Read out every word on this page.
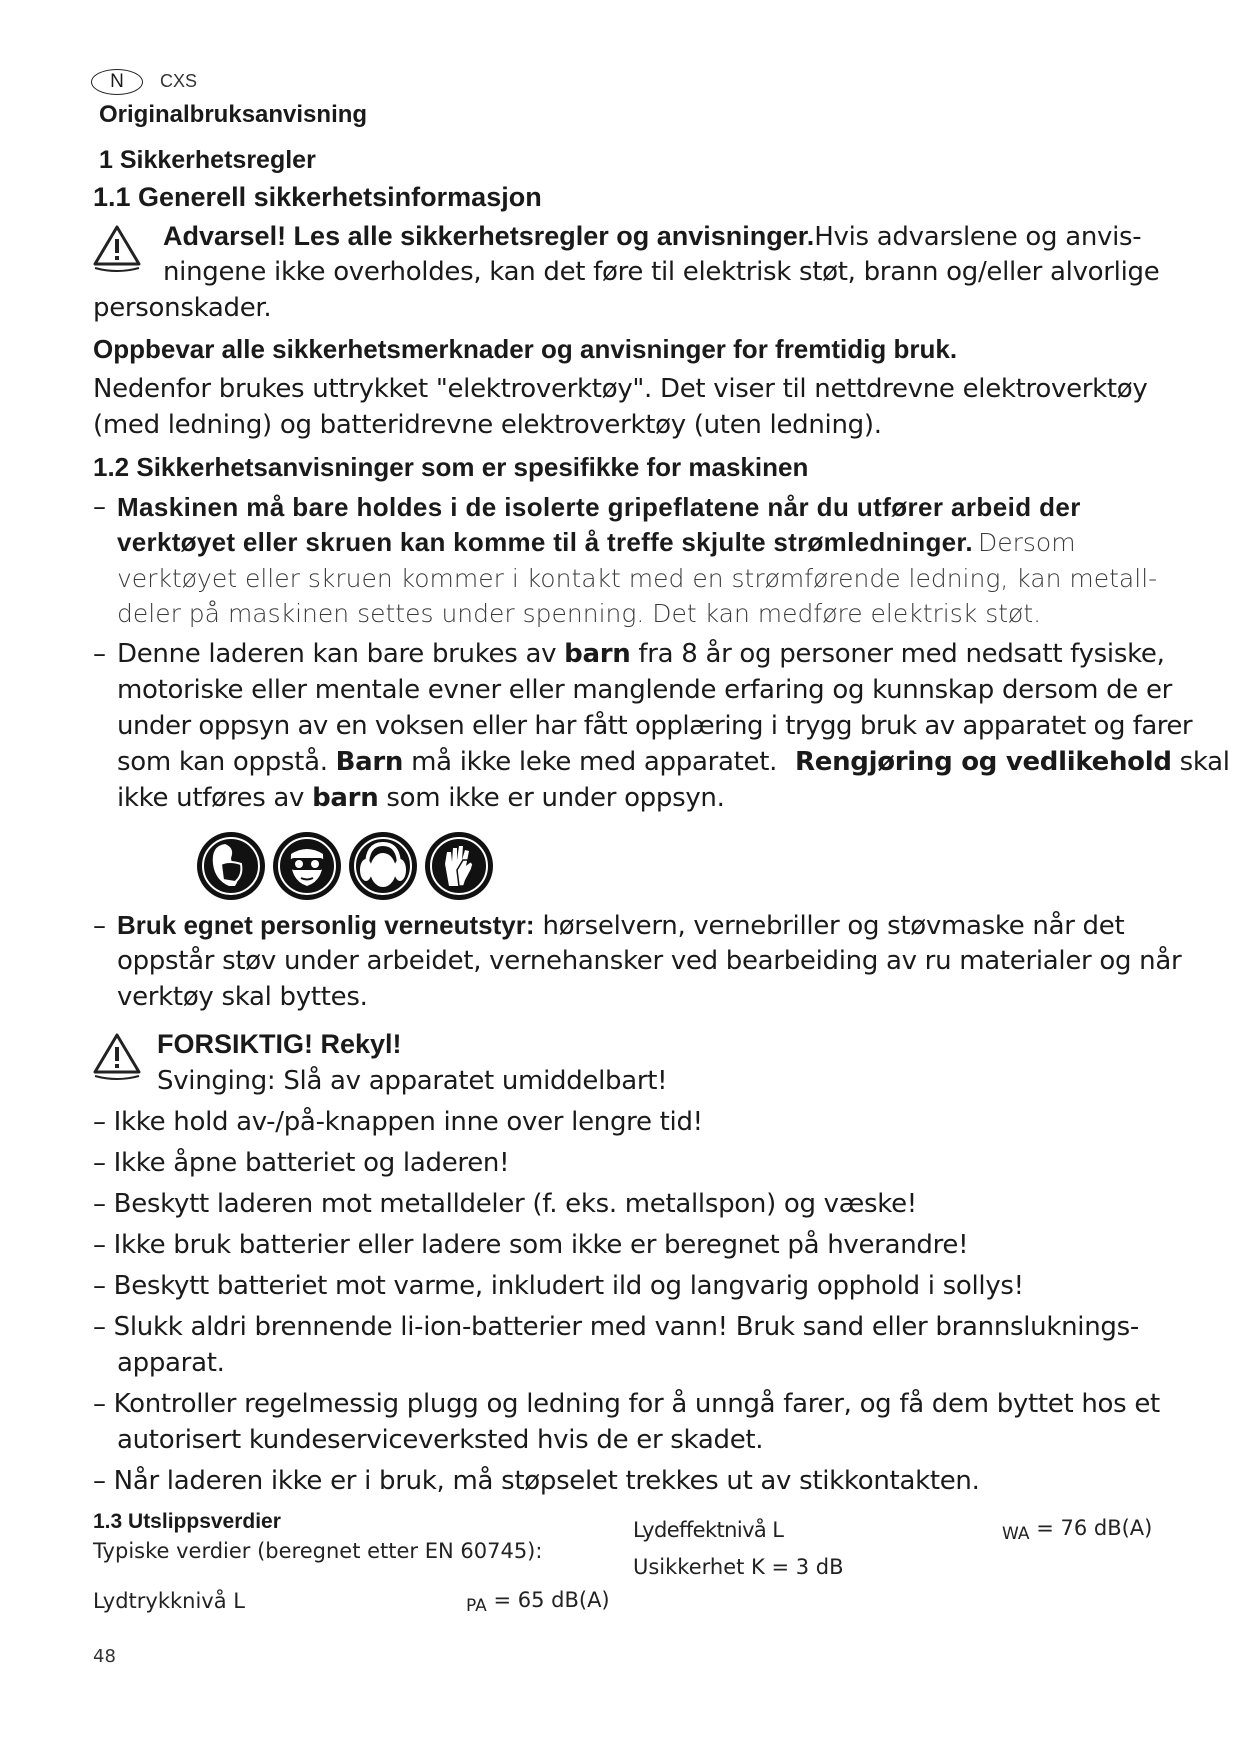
N	CXS
Originalbruksanvisning
1 Sikkerhetsregler
1.1 Generell sikkerhetsinformasjon
Advarsel! Les alle sikkerhetsregler og anvisninger.Hvis advarslene og anvis-
ningene ikke overholdes, kan det føre til elektrisk støt, brann og/eller alvorlige
personskader.
Oppbevar alle sikkerhetsmerknader og anvisninger for fremtidig bruk.
Nedenfor brukes uttrykket "elektroverktøy". Det viser til nettdrevne elektroverktøy
(med ledning) og batteridrevne elektroverktøy (uten ledning).
1.2 Sikkerhetsanvisninger som er spesifikke for maskinen
– Maskinen må bare holdes i de isolerte gripeflatene når du utfører arbeid der
verktøyet eller skruen kan komme til å treffe skjulte strømledninger. Dersom
verktøyet eller skruen kommer i kontakt med en strømførende ledning, kan metall-
deler på maskinen settes under spenning. Det kan medføre elektrisk støt.
– Denne laderen kan bare brukes av barn fra 8 år og personer med nedsatt fysiske,
motoriske eller mentale evner eller manglende erfaring og kunnskap dersom de er
under oppsyn av en voksen eller har fått opplæring i trygg bruk av apparatet og farer
som kan oppstå. Barn må ikke leke med apparatet. Rengjøring og vedlikehold skal
ikke utføres av barn som ikke er under oppsyn.
– Bruk egnet personlig verneutstyr: hørselvern, vernebriller og støvmaske når det
oppstår støv under arbeidet, vernehansker ved bearbeiding av ru materialer og når
verktøy skal byttes.
FORSIKTIG! Rekyl!
Svinging: Slå av apparatet umiddelbart!
– Ikke hold av-/på-knappen inne over lengre tid!
– Ikke åpne batteriet og laderen!
– Beskytt laderen mot metalldeler (f. eks. metallspon) og væske!
– Ikke bruk batterier eller ladere som ikke er beregnet på hverandre!
– Beskytt batteriet mot varme, inkludert ild og langvarig opphold i sollys!
– Slukk aldri brennende li-ion-batterier med vann! Bruk sand eller brannsluknings-
apparat.
– Kontroller regelmessig plugg og ledning for å unngå farer, og få dem byttet hos et
autorisert kundeserviceverksted hvis de er skadet.
– Når laderen ikke er i bruk, må støpselet trekkes ut av stikkontakten.
1.3 Utslippsverdier
Typiske verdier (beregnet etter EN 60745):
Lydtrykknivå L	PA = 65 dB(A)
Lydeffektnivå L	WA = 76 dB(A)
Usikkerhet K = 3 dB
48
